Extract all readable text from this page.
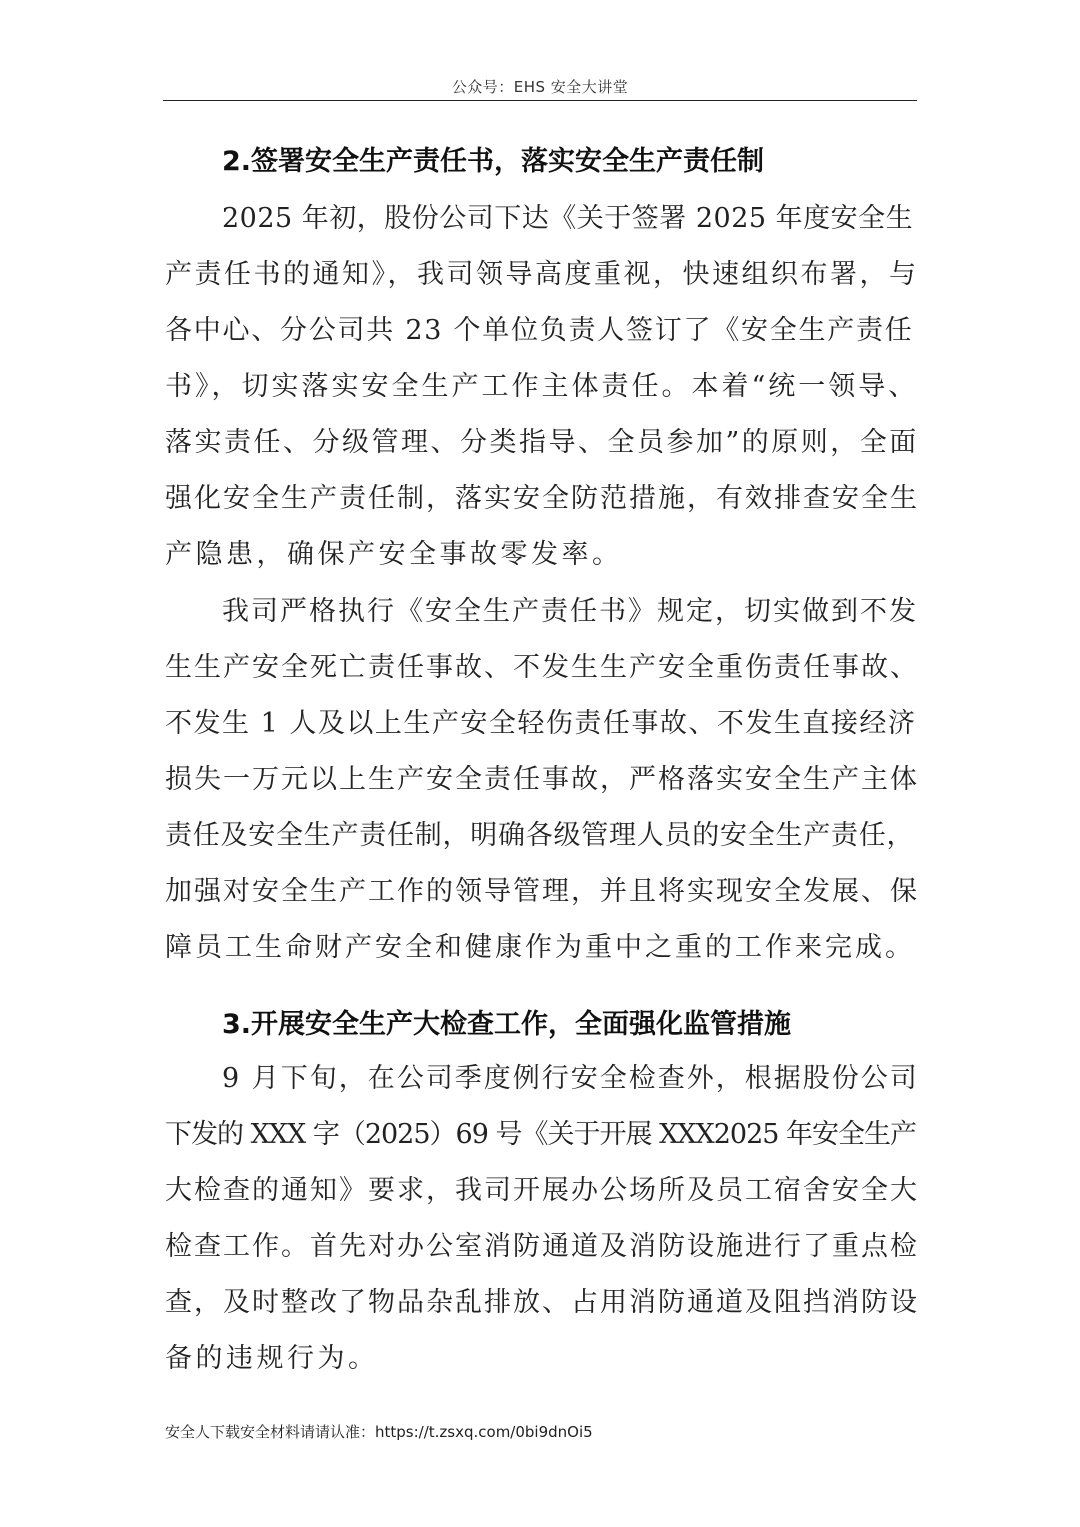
公众号：EHS 安全大讲堂
2.签署安全生产责任书，落实安全生产责任制
2025 年初，股份公司下达《关于签署 2025 年度安全生
产责任书的通知》，我司领导高度重视，快速组织布署，与
各中心、分公司共 23 个单位负责人签订了《安全生产责任
书》，切实落实安全生产工作主体责任。本着“统一领导、
落实责任、分级管理、分类指导、全员参加”的原则，全面
强化安全生产责任制，落实安全防范措施，有效排查安全生
产隐患，确保产安全事故零发率。
我司严格执行《安全生产责任书》规定，切实做到不发
生生产安全死亡责任事故、不发生生产安全重伤责任事故、
不发生 1 人及以上生产安全轻伤责任事故、不发生直接经济
损失一万元以上生产安全责任事故，严格落实安全生产主体
责任及安全生产责任制，明确各级管理人员的安全生产责任，
加强对安全生产工作的领导管理，并且将实现安全发展、保
障员工生命财产安全和健康作为重中之重的工作来完成。
3.开展安全生产大检查工作，全面强化监管措施
9 月下旬，在公司季度例行安全检查外，根据股份公司
下发的 XXX 字（2025）69 号《关于开展 XXX2025 年安全生产
大检查的通知》要求，我司开展办公场所及员工宿舍安全大
检查工作。首先对办公室消防通道及消防设施进行了重点检
查，及时整改了物品杂乱排放、占用消防通道及阻挡消防设
备的违规行为。
安全人下载安全材料请请认准：https://t.zsxq.com/0bi9dnOi5
